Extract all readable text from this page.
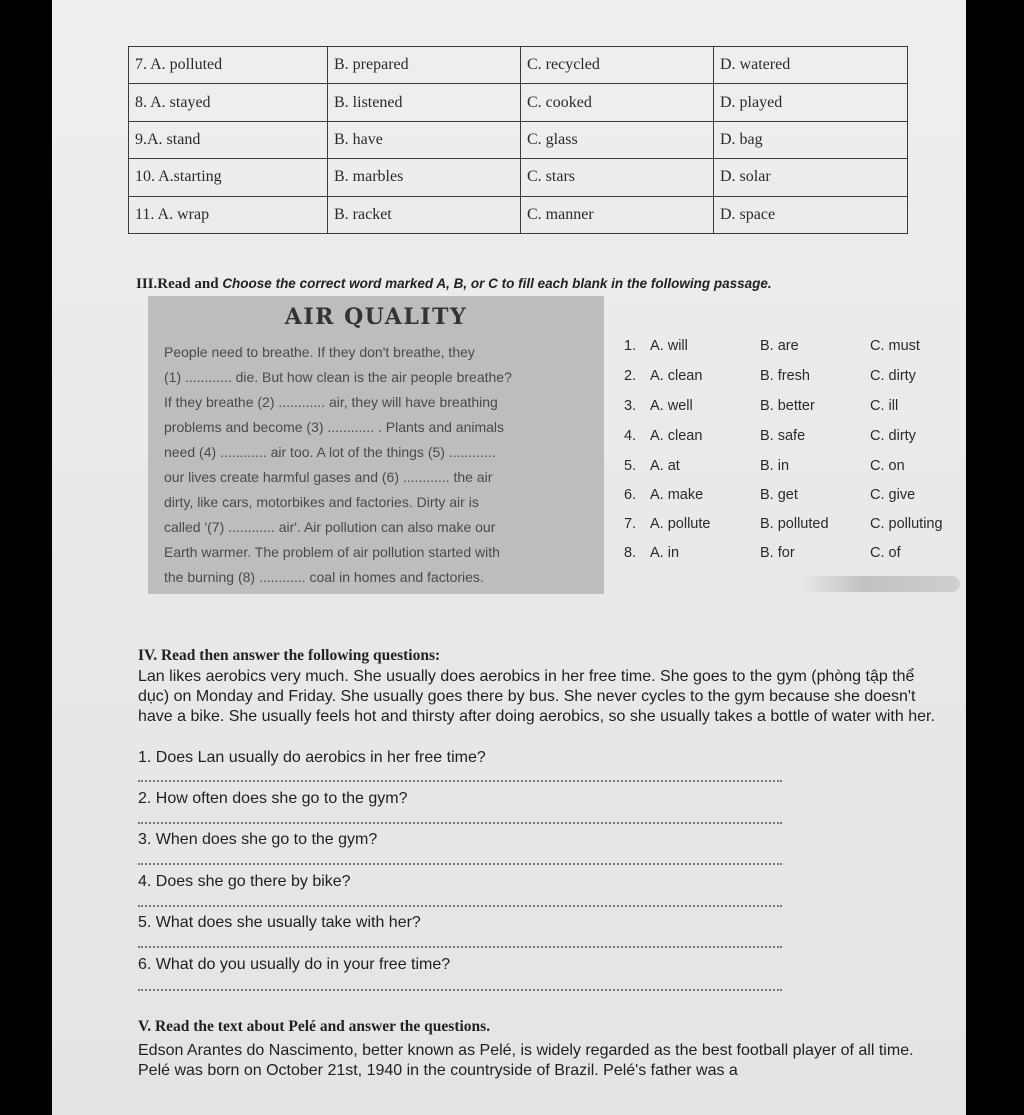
7. A. polluted	B. prepared	C. recycled	D. watered
8. A. stayed	B. listened	C. cooked	D. played
9.A. stand	B. have	C. glass	D. bag
10. A.starting	B. marbles	C. stars	D. solar
11. A. wrap	B. racket	C. manner	D. space
III.Read and Choose the correct word marked A, B, or C to fill each blank in the following passage.
AIR QUALITY
People need to breathe. If they don't breathe, they
(1) ............ die. But how clean is the air people breathe?
If they breathe (2) ............ air, they will have breathing
problems and become (3) ............ . Plants and animals
need (4) ............ air too. A lot of the things (5) ............
our lives create harmful gases and (6) ............ the air
dirty, like cars, motorbikes and factories. Dirty air is
called '(7) ............ air'. Air pollution can also make our
Earth warmer. The problem of air pollution started with
the burning (8) ............ coal in homes and factories.
1. A. will	B. are	C. must
2. A. clean	B. fresh	C. dirty
3. A. well	B. better	C. ill
4. A. clean	B. safe	C. dirty
5. A. at	B. in	C. on
6. A. make	B. get	C. give
7. A. pollute	B. polluted	C. polluting
8. A. in	B. for	C. of
IV. Read then answer the following questions:
Lan likes aerobics very much. She usually does aerobics in her free time. She goes to the gym (phòng tập thể dục) on Monday and Friday. She usually goes there by bus. She never cycles to the gym because she doesn't have a bike. She usually feels hot and thirsty after doing aerobics, so she usually takes a bottle of water with her.
1. Does Lan usually do aerobics in her free time?
2. How often does she go to the gym?
3. When does she go to the gym?
4. Does she go there by bike?
5. What does she usually take with her?
6. What do you usually do in your free time?
V. Read the text about Pelé and answer the questions.
Edson Arantes do Nascimento, better known as Pelé, is widely regarded as the best football player of all time. Pelé was born on October 21st, 1940 in the countryside of Brazil. Pelé's father was a
